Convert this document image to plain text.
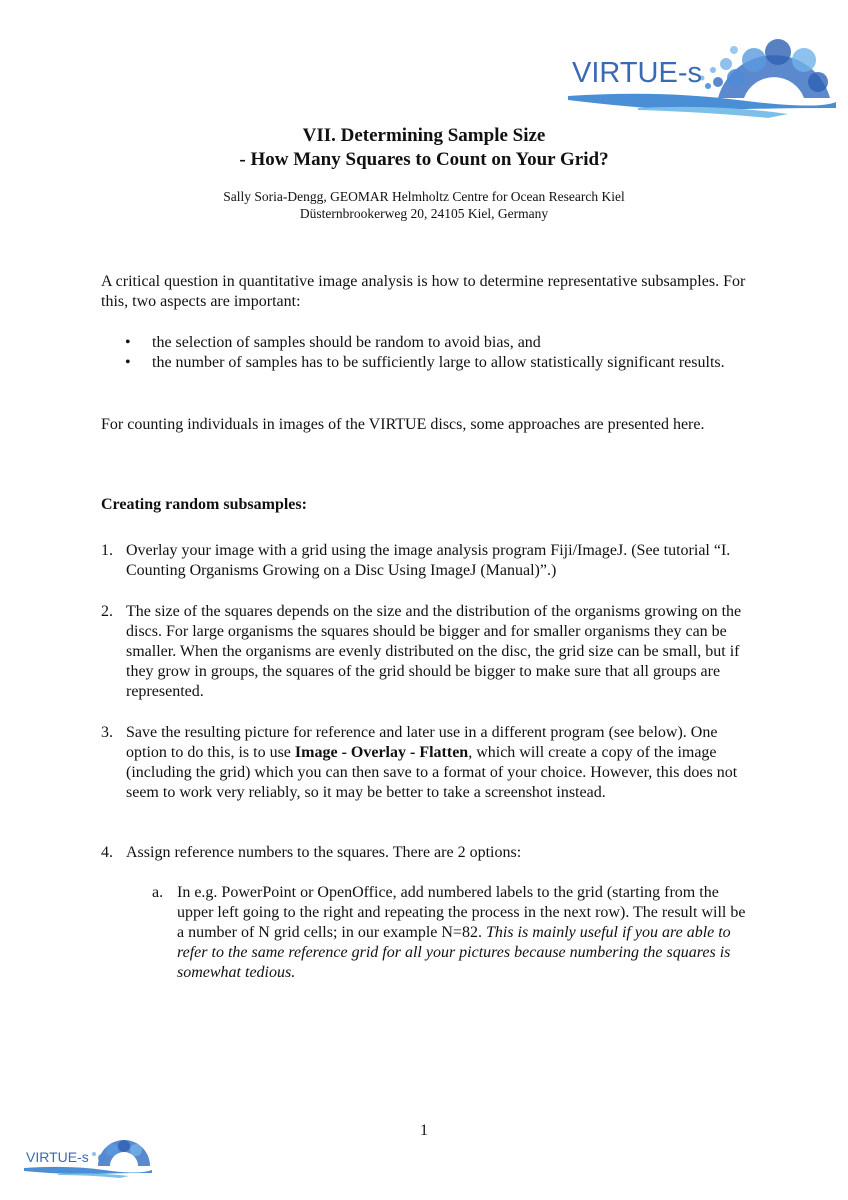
VIRTUE-s
VII. Determining Sample Size
- How Many Squares to Count on Your Grid?
Sally Soria-Dengg, GEOMAR Helmholtz Centre for Ocean Research Kiel
Düsternbrookerweg 20, 24105 Kiel, Germany
A critical question in quantitative image analysis is how to determine representative subsamples. For this, two aspects are important:
• the selection of samples should be random to avoid bias, and
• the number of samples has to be sufficiently large to allow statistically significant results.
For counting individuals in images of the VIRTUE discs, some approaches are presented here.
Creating random subsamples:
1. Overlay your image with a grid using the image analysis program Fiji/ImageJ. (See tutorial “I. Counting Organisms Growing on a Disc Using ImageJ (Manual)”.)
2. The size of the squares depends on the size and the distribution of the organisms growing on the discs. For large organisms the squares should be bigger and for smaller organisms they can be smaller. When the organisms are evenly distributed on the disc, the grid size can be small, but if they grow in groups, the squares of the grid should be bigger to make sure that all groups are represented.
3. Save the resulting picture for reference and later use in a different program (see below). One option to do this, is to use Image - Overlay - Flatten, which will create a copy of the image (including the grid) which you can then save to a format of your choice. However, this does not seem to work very reliably, so it may be better to take a screenshot instead.
4. Assign reference numbers to the squares. There are 2 options:
a. In e.g. PowerPoint or OpenOffice, add numbered labels to the grid (starting from the upper left going to the right and repeating the process in the next row). The result will be a number of N grid cells; in our example N=82. This is mainly useful if you are able to refer to the same reference grid for all your pictures because numbering the squares is somewhat tedious.
1
VIRTUE-s
